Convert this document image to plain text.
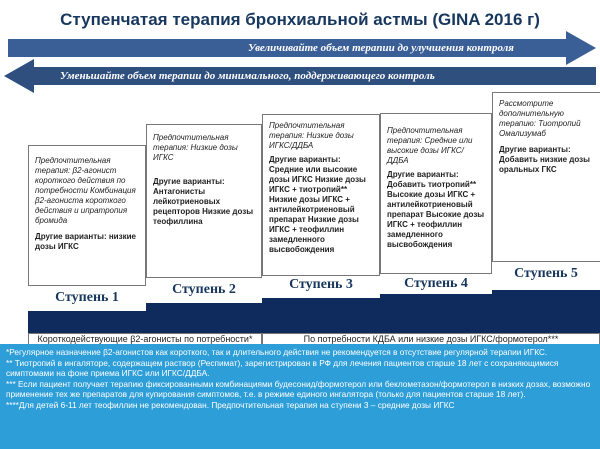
Ступенчатая терапия бронхиальной астмы (GINA 2016 г)
Увеличивайте объем терапии до улучшения контроля
Уменьшайте объем терапии до минимального, поддерживающего контроль
Предпочтительная терапия: β2-агонист короткого действия по потребности Комбинация β2-агониста короткого действия и ипратропия бромида
Другие варианты: низкие дозы ИГКС
Ступень 1
Предпочтительная терапия: Низкие дозы ИГКС
Другие варианты: Антагонисты лейкотриеновых рецепторов Низкие дозы теофиллина
Ступень 2
Предпочтительная терапия: Низкие дозы ИГКС/ДДБА
Другие варианты: Средние или высокие дозы ИГКС Низкие дозы ИГКС + тиотропий** Низкие дозы ИГКС + антилейкотриеновый препарат Низкие дозы ИГКС + теофиллин замедленного высвобождения
Ступень 3
Предпочтительная терапия: Средние или высокие дозы ИГКС/ДДБА
Другие варианты: Добавить тиотропий** Высокие дозы ИГКС + антилейкотриеновый препарат Высокие дозы ИГКС + теофиллин замедленного высвобождения
Ступень 4
Рассмотрите дополнительную терапию: Тиотропий Омализумаб
Другие варианты: Добавить низкие дозы оральных ГКС
Ступень 5
Короткодействующие β2-агонисты по потребности*	По потребности КДБА или низкие дозы ИГКС/формотерол***
*Регулярное назначение β2-агонистов как короткого, так и длительного действия не рекомендуется в отсутствие регулярной терапии ИГКС.
** Тиотропий в ингаляторе, содержащем раствор (Респимат), зарегистрирован в РФ для лечения пациентов старше 18 лет с сохраняющимися симптомами на фоне приема ИГКС или ИГКС/ДДБА.
*** Если пациент получает терапию фиксированными комбинациями будесонид/формотерол или беклометазон/формотерол в низких дозах, возможно применение тех же препаратов для купирования симптомов, т.е. в режиме единого ингалятора (только для пациентов старше 18 лет).
****Для детей 6-11 лет теофиллин не рекомендован. Предпочтительная терапия на ступени 3 – средние дозы ИГКС
